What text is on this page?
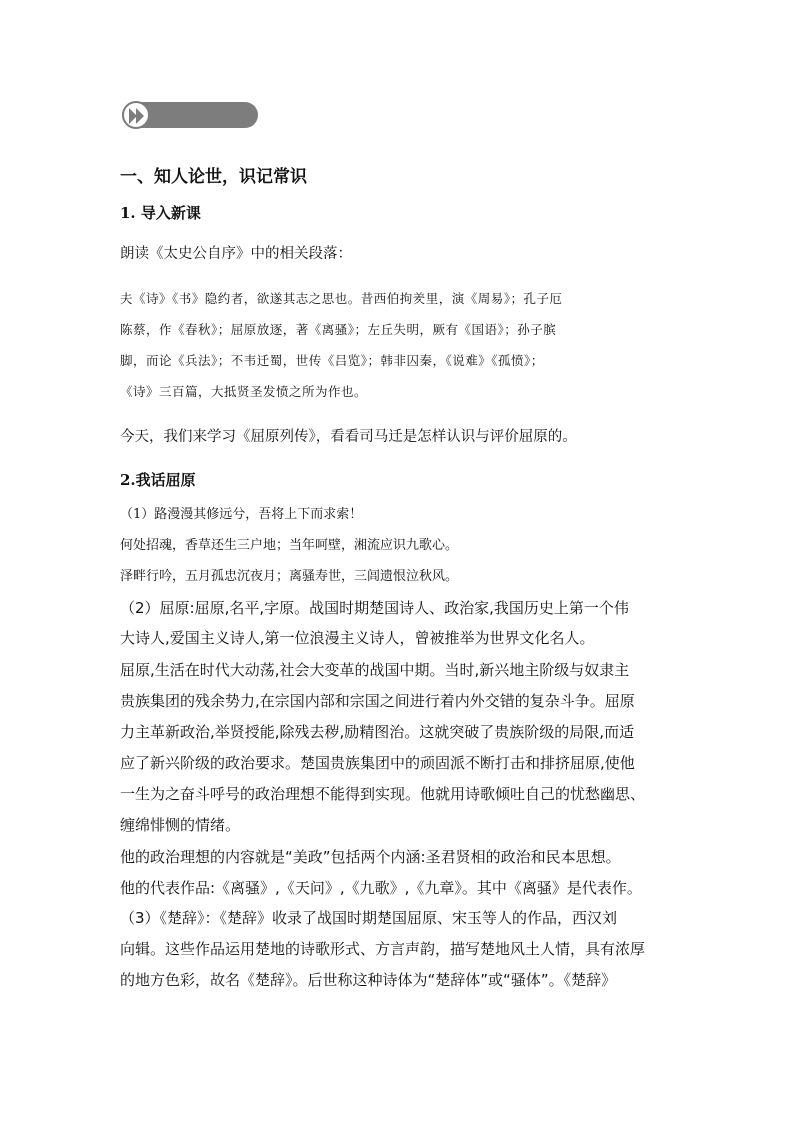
一、知人论世，识记常识
1. 导入新课
朗读《太史公自序》中的相关段落：
夫《诗》《书》隐约者，欲遂其志之思也。昔西伯拘羑里，演《周易》；孔子厄
陈蔡，作《春秋》；屈原放逐，著《离骚》；左丘失明，厥有《国语》；孙子膑
脚，而论《兵法》；不韦迁蜀，世传《吕览》；韩非囚秦，《说难》《孤愤》；
《诗》三百篇，大抵贤圣发愤之所为作也。
今天，我们来学习《屈原列传》，看看司马迁是怎样认识与评价屈原的。
2.我话屈原
（1）路漫漫其修远兮，吾将上下而求索！
何处招魂，香草还生三户地；当年呵壁，湘流应识九歌心。
泽畔行吟，五月孤忠沉夜月；离骚寿世，三闾遗恨泣秋风。
（2）屈原:屈原,名平,字原。战国时期楚国诗人、政治家,我国历史上第一个伟
大诗人,爱国主义诗人,第一位浪漫主义诗人，曾被推举为世界文化名人。
屈原,生活在时代大动荡,社会大变革的战国中期。当时,新兴地主阶级与奴隶主
贵族集团的残余势力,在宗国内部和宗国之间进行着内外交错的复杂斗争。屈原
力主革新政治,举贤授能,除残去秽,励精图治。这就突破了贵族阶级的局限,而适
应了新兴阶级的政治要求。楚国贵族集团中的顽固派不断打击和排挤屈原,使他
一生为之奋斗呼号的政治理想不能得到实现。他就用诗歌倾吐自己的忧愁幽思、
缠绵悱恻的情绪。
他的政治理想的内容就是“美政”包括两个内涵:圣君贤相的政治和民本思想。
他的代表作品:《离骚》,《天问》,《九歌》,《九章》。其中《离骚》是代表作。
（3）《楚辞》：《楚辞》收录了战国时期楚国屈原、宋玉等人的作品，西汉刘
向辑。这些作品运用楚地的诗歌形式、方言声韵，描写楚地风土人情，具有浓厚
的地方色彩，故名《楚辞》。后世称这种诗体为“楚辞体”或“骚体”。《楚辞》
